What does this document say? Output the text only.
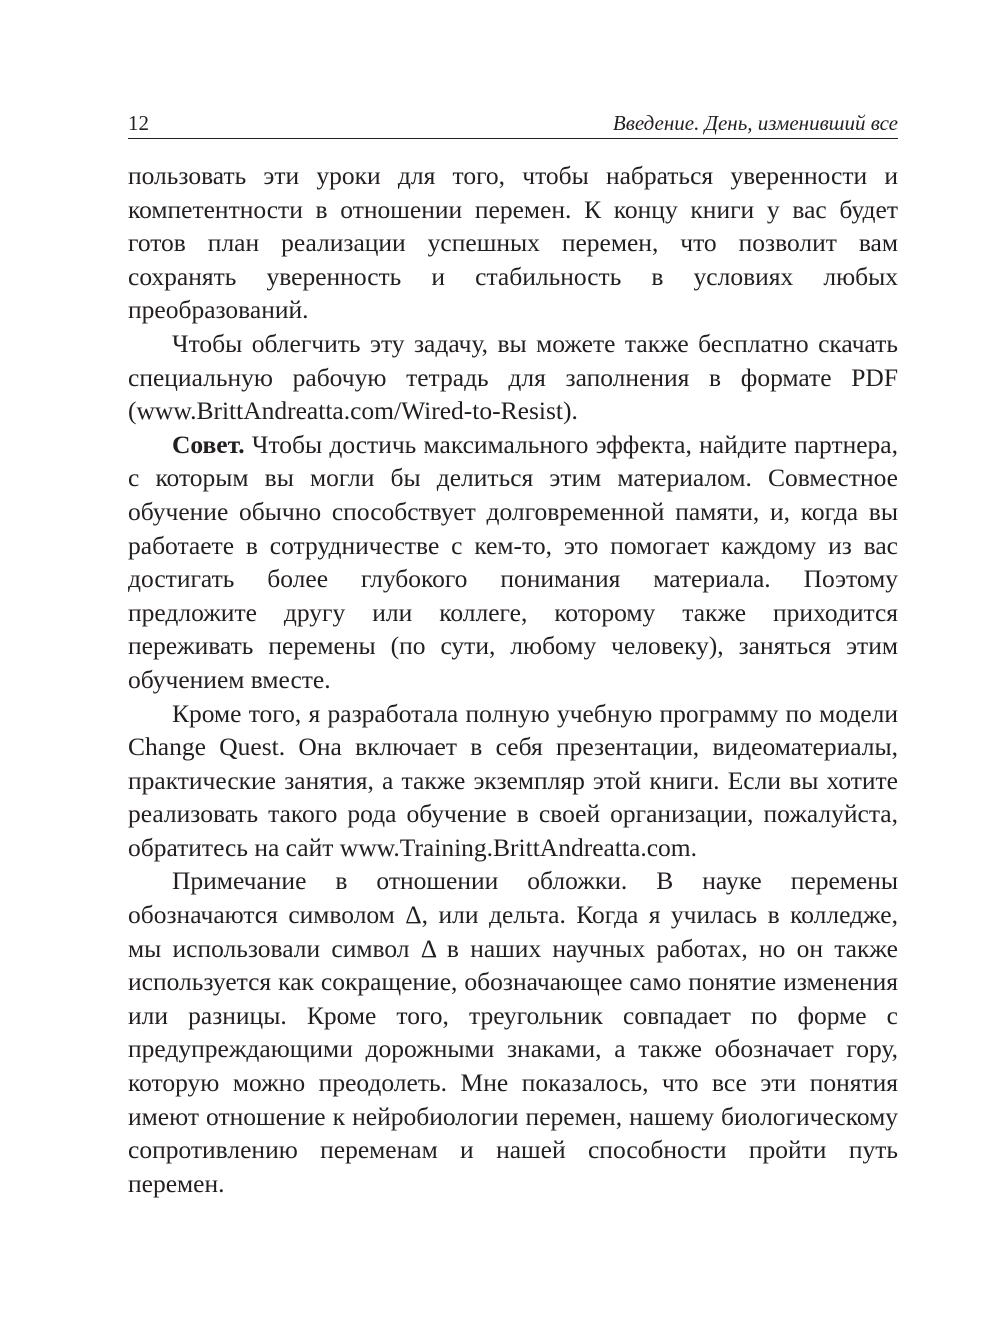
12	Введение. День, изменивший все

пользовать эти уроки для того, чтобы набраться уверенности и компетентности в отношении перемен. К концу книги у вас будет готов план реализации успешных перемен, что позволит вам сохранять уверенность и стабильность в условиях любых преобразований.

Чтобы облегчить эту задачу, вы можете также бесплатно скачать специальную рабочую тетрадь для заполнения в формате PDF (www.BrittAndreatta.com/Wired-to-Resist).

Совет. Чтобы достичь максимального эффекта, найдите партнера, с которым вы могли бы делиться этим материалом. Совместное обучение обычно способствует долговременной памяти, и, когда вы работаете в сотрудничестве с кем-то, это помогает каждому из вас достигать более глубокого понимания материала. Поэтому предложите другу или коллеге, которому также приходится переживать перемены (по сути, любому человеку), заняться этим обучением вместе.

Кроме того, я разработала полную учебную программу по модели Change Quest. Она включает в себя презентации, видеоматериалы, практические занятия, а также экземпляр этой книги. Если вы хотите реализовать такого рода обучение в своей организации, пожалуйста, обратитесь на сайт www.Training.BrittAndreatta.com.

Примечание в отношении обложки. В науке перемены обозначаются символом Δ, или дельта. Когда я училась в колледже, мы использовали символ Δ в наших научных работах, но он также используется как сокращение, обозначающее само понятие изменения или разницы. Кроме того, треугольник совпадает по форме с предупреждающими дорожными знаками, а также обозначает гору, которую можно преодолеть. Мне показалось, что все эти понятия имеют отношение к нейробиологии перемен, нашему биологическому сопротивлению переменам и нашей способности пройти путь перемен.
